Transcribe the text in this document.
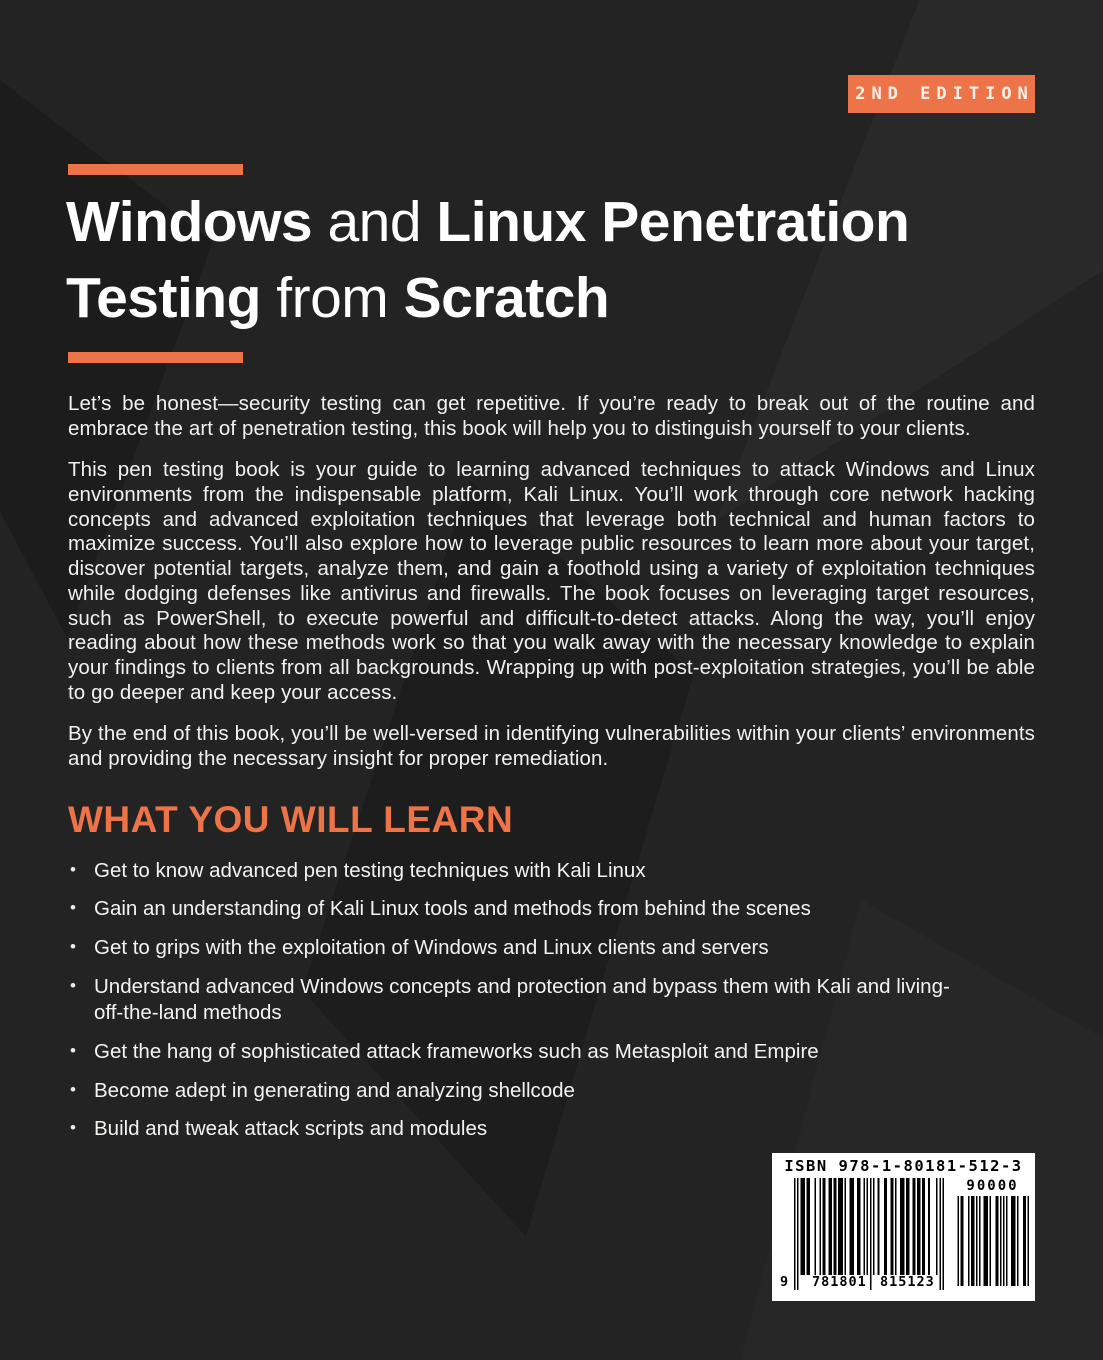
2ND EDITION
Windows and Linux Penetration
Testing from Scratch

Let’s be honest—security testing can get repetitive. If you’re ready to break out of the routine and embrace the art of penetration testing, this book will help you to distinguish yourself to your clients.

This pen testing book is your guide to learning advanced techniques to attack Windows and Linux environments from the indispensable platform, Kali Linux. You’ll work through core network hacking concepts and advanced exploitation techniques that leverage both technical and human factors to maximize success. You’ll also explore how to leverage public resources to learn more about your target, discover potential targets, analyze them, and gain a foothold using a variety of exploitation techniques while dodging defenses like antivirus and firewalls. The book focuses on leveraging target resources, such as PowerShell, to execute powerful and difficult-to-detect attacks. Along the way, you’ll enjoy reading about how these methods work so that you walk away with the necessary knowledge to explain your findings to clients from all backgrounds. Wrapping up with post-exploitation strategies, you’ll be able to go deeper and keep your access.

By the end of this book, you’ll be well-versed in identifying vulnerabilities within your clients’ environments and providing the necessary insight for proper remediation.

WHAT YOU WILL LEARN
• Get to know advanced pen testing techniques with Kali Linux
• Gain an understanding of Kali Linux tools and methods from behind the scenes
• Get to grips with the exploitation of Windows and Linux clients and servers
• Understand advanced Windows concepts and protection and bypass them with Kali and living-off-the-land methods
• Get the hang of sophisticated attack frameworks such as Metasploit and Empire
• Become adept in generating and analyzing shellcode
• Build and tweak attack scripts and modules
ISBN 978-1-80181-512-3
90000
9 781801 815123
